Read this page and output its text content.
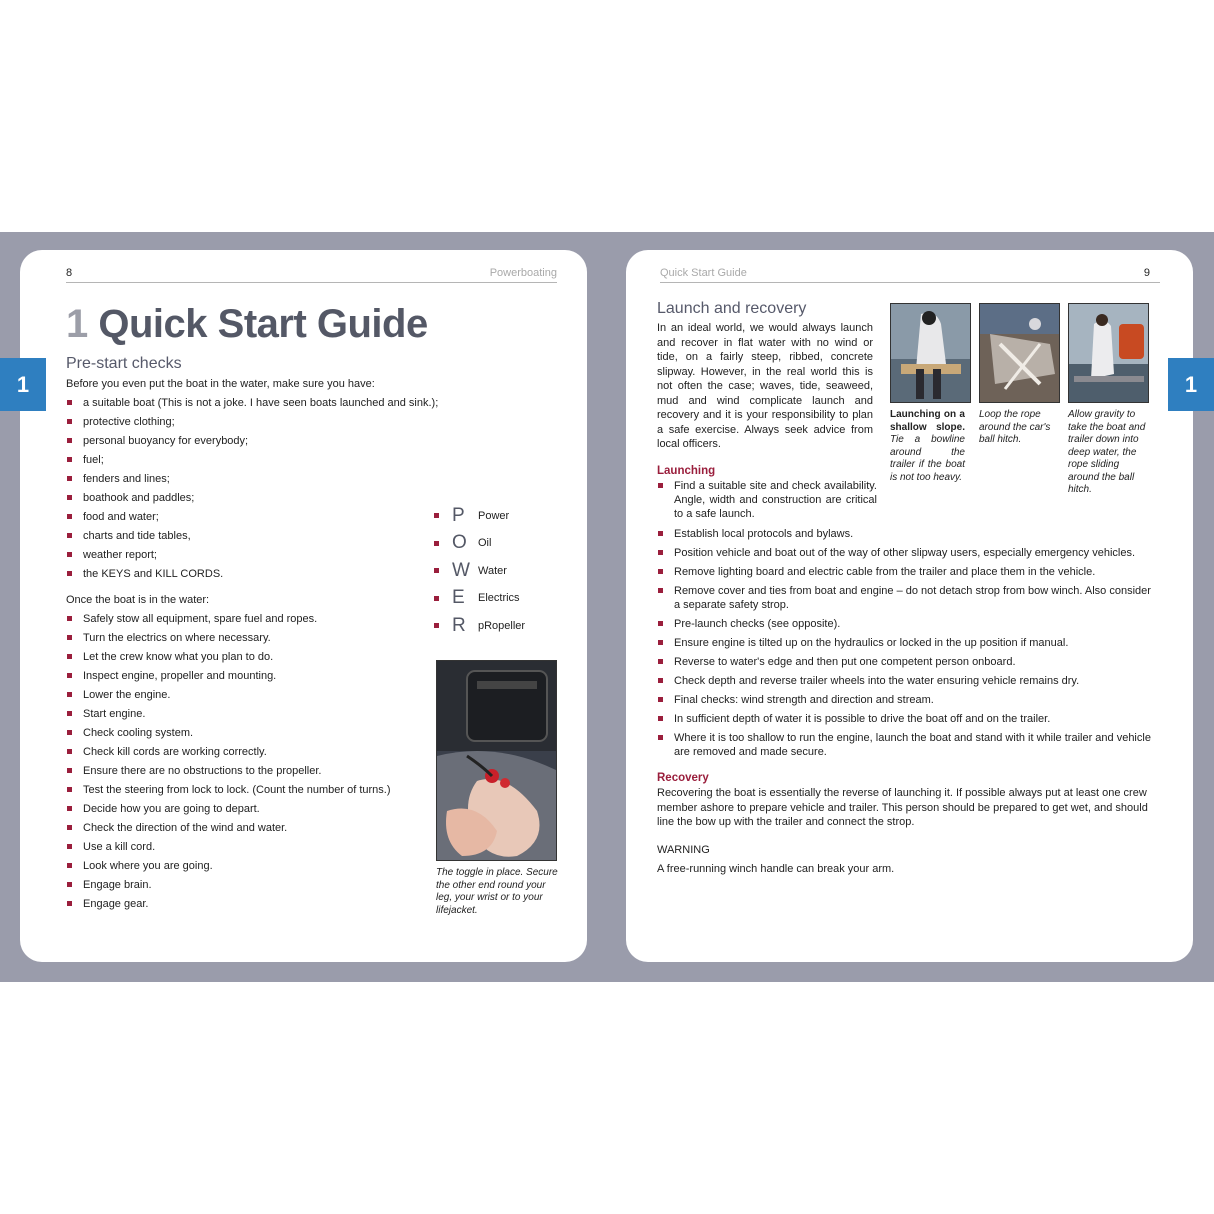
8	Powerboating
1 Quick Start Guide
Pre-start checks
Before you even put the boat in the water, make sure you have:
a suitable boat (This is not a joke. I have seen boats launched and sink.);
protective clothing;
personal buoyancy for everybody;
fuel;
fenders and lines;
boathook and paddles;
food and water;
charts and tide tables,
weather report;
the KEYS and KILL CORDS.
Once the boat is in the water:
Safely stow all equipment, spare fuel and ropes.
Turn the electrics on where necessary.
Let the crew know what you plan to do.
Inspect engine, propeller and mounting.
Lower the engine.
Start engine.
Check cooling system.
Check kill cords are working correctly.
Ensure there are no obstructions to the propeller.
Test the steering from lock to lock. (Count the number of turns.)
Decide how you are going to depart.
Check the direction of the wind and water.
Use a kill cord.
Look where you are going.
Engage brain.
Engage gear.
P	Power
O	Oil
W Water
E	Electrics
R	pRopeller
The toggle in place. Secure the other end round your leg, your wrist or to your lifejacket.
Quick Start Guide	9
Launch and recovery
In an ideal world, we would always launch and recover in flat water with no wind or tide, on a fairly steep, ribbed, concrete slipway. However, in the real world this is not often the case; waves, tide, seaweed, mud and wind complicate launch and recovery and it is your responsibility to plan a safe exercise. Always seek advice from local officers.
Launching on a shallow slope. Tie a bowline around the trailer if the boat is not too heavy.
Loop the rope around the car's ball hitch.
Allow gravity to take the boat and trailer down into deep water, the rope sliding around the ball hitch.
Launching
Find a suitable site and check availability. Angle, width and construction are critical to a safe launch.
Establish local protocols and bylaws.
Position vehicle and boat out of the way of other slipway users, especially emergency vehicles.
Remove lighting board and electric cable from the trailer and place them in the vehicle.
Remove cover and ties from boat and engine – do not detach strop from bow winch. Also consider a separate safety strop.
Pre-launch checks (see opposite).
Ensure engine is tilted up on the hydraulics or locked in the up position if manual.
Reverse to water's edge and then put one competent person onboard.
Check depth and reverse trailer wheels into the water ensuring vehicle remains dry.
Final checks: wind strength and direction and stream.
In sufficient depth of water it is possible to drive the boat off and on the trailer.
Where it is too shallow to run the engine, launch the boat and stand with it while trailer and vehicle are removed and made secure.
Recovery
Recovering the boat is essentially the reverse of launching it. If possible always put at least one crew member ashore to prepare vehicle and trailer. This person should be prepared to get wet, and should line the bow up with the trailer and connect the strop.
WARNING
A free-running winch handle can break your arm.
1	1
